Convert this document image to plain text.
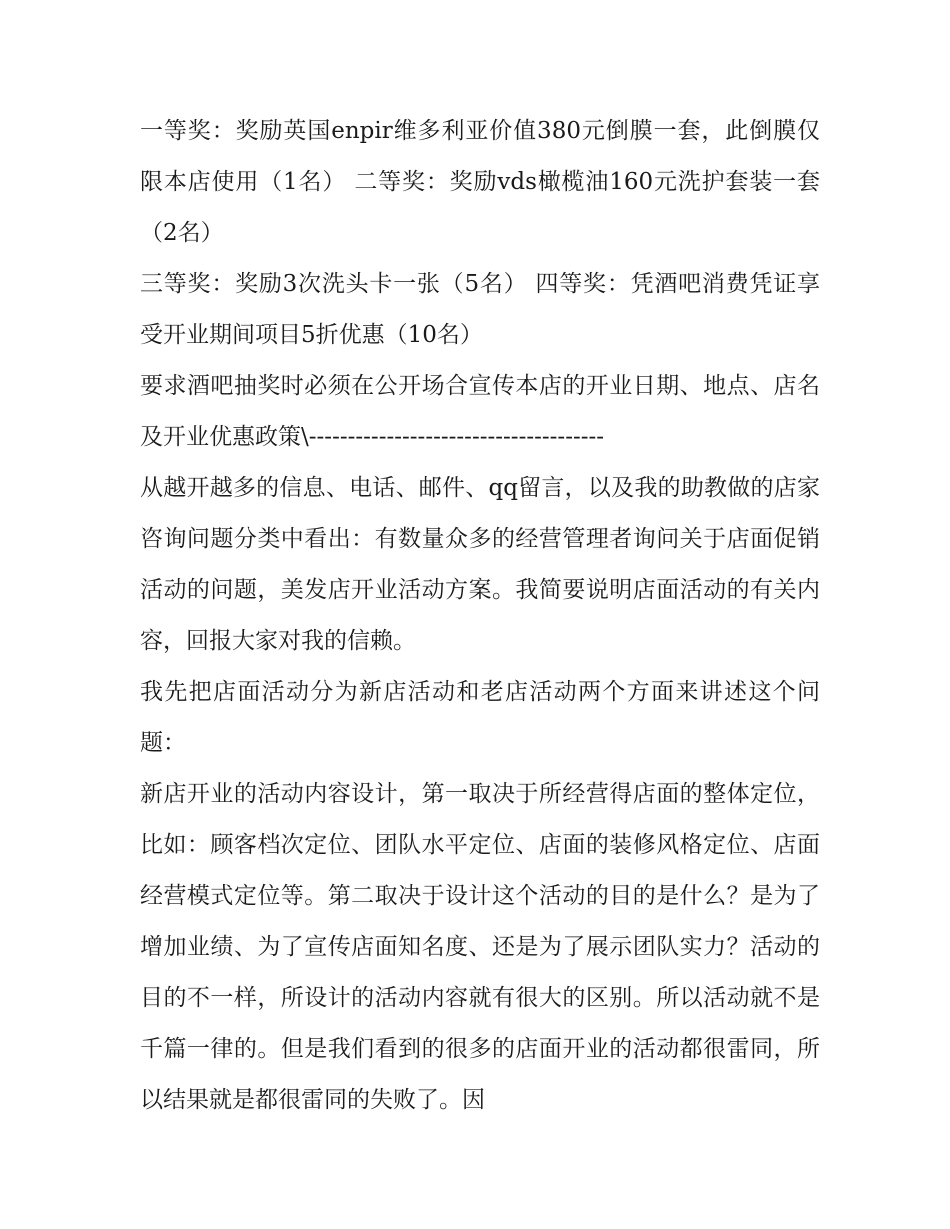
一等奖：奖励英国enpir维多利亚价值380元倒膜一套，此倒膜仅限本店使用（1名） 二等奖：奖励vds橄榄油160元洗护套装一套（2名）

三等奖：奖励3次洗头卡一张（5名） 四等奖：凭酒吧消费凭证享受开业期间项目5折优惠（10名）

要求酒吧抽奖时必须在公开场合宣传本店的开业日期、地点、店名及开业优惠政策\--------------------------------------

从越开越多的信息、电话、邮件、qq留言，以及我的助教做的店家咨询问题分类中看出：有数量众多的经营管理者询问关于店面促销活动的问题，美发店开业活动方案。我简要说明店面活动的有关内容，回报大家对我的信赖。

我先把店面活动分为新店活动和老店活动两个方面来讲述这个问题：

新店开业的活动内容设计，第一取决于所经营得店面的整体定位，比如：顾客档次定位、团队水平定位、店面的装修风格定位、店面经营模式定位等。第二取决于设计这个活动的目的是什么？是为了增加业绩、为了宣传店面知名度、还是为了展示团队实力？活动的目的不一样，所设计的活动内容就有很大的区别。所以活动就不是千篇一律的。但是我们看到的很多的店面开业的活动都很雷同，所以结果就是都很雷同的失败了。因
